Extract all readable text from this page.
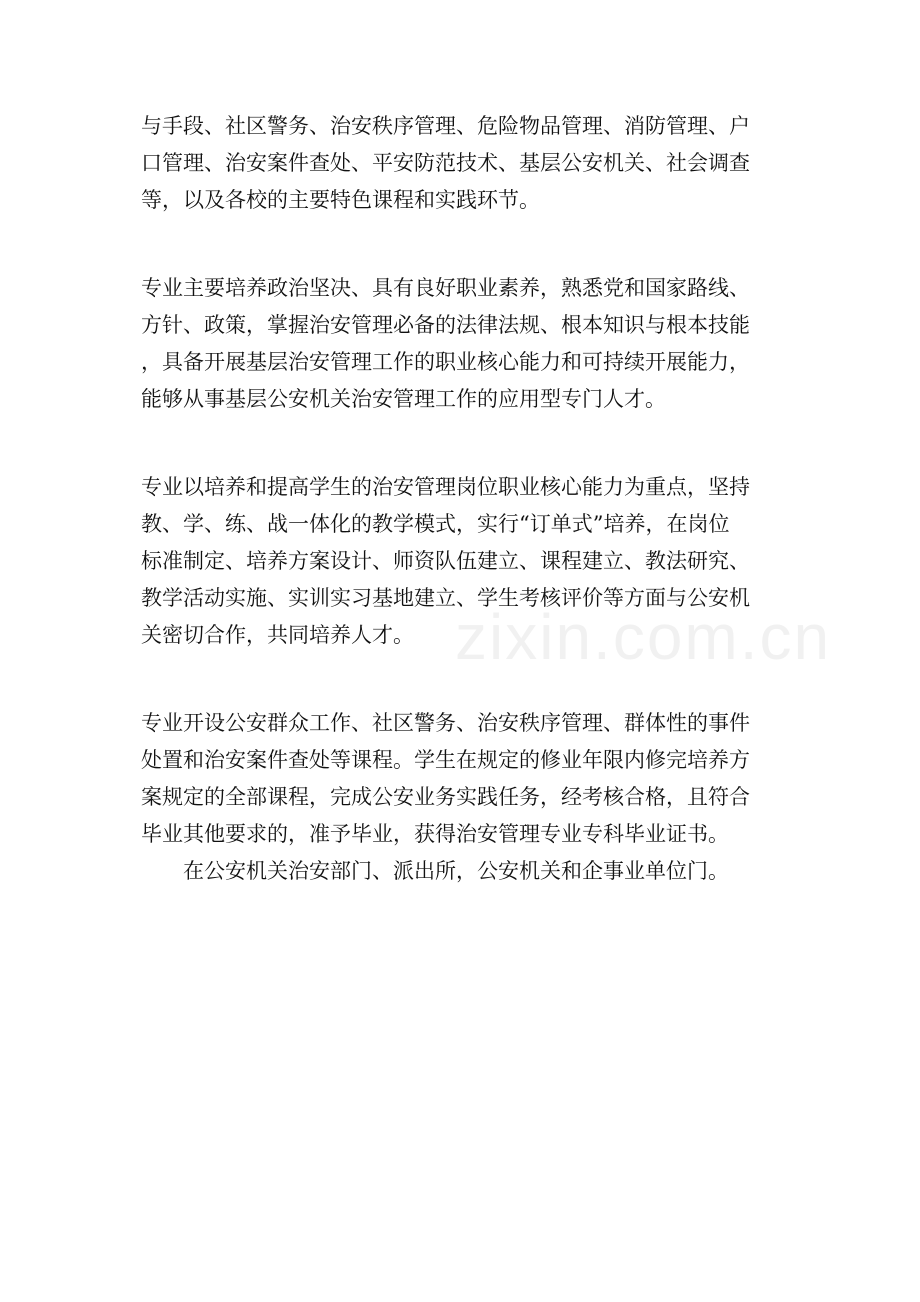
与手段、社区警务、治安秩序管理、危险物品管理、消防管理、户
口管理、治安案件查处、平安防范技术、基层公安机关、社会调查
等，以及各校的主要特色课程和实践环节。
专业主要培养政治坚决、具有良好职业素养，熟悉党和国家路线、
方针、政策，掌握治安管理必备的法律法规、根本知识与根本技能
，具备开展基层治安管理工作的职业核心能力和可持续开展能力，
能够从事基层公安机关治安管理工作的应用型专门人才。
专业以培养和提高学生的治安管理岗位职业核心能力为重点，坚持
教、学、练、战一体化的教学模式，实行“订单式”培养，在岗位
标准制定、培养方案设计、师资队伍建立、课程建立、教法研究、
教学活动实施、实训实习基地建立、学生考核评价等方面与公安机
关密切合作，共同培养人才。
专业开设公安群众工作、社区警务、治安秩序管理、群体性的事件
处置和治安案件查处等课程。学生在规定的修业年限内修完培养方
案规定的全部课程，完成公安业务实践任务，经考核合格，且符合
毕业其他要求的，准予毕业，获得治安管理专业专科毕业证书。
在公安机关治安部门、派出所，公安机关和企事业单位门。
zixin.com.cn
